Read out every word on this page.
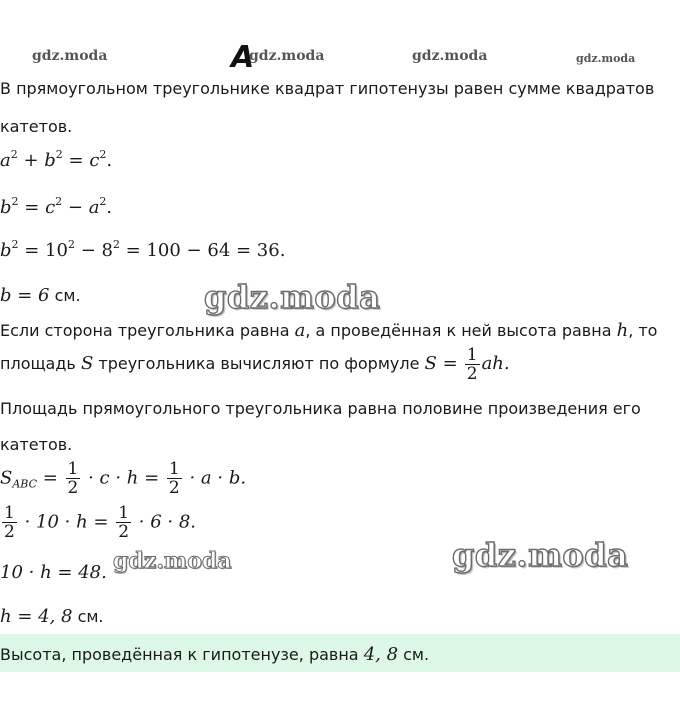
gdz.moda	A
gdz.moda	gdz.moda	gdz.moda
В прямоугольном треугольнике квадрат гипотенузы равен сумме квадратов
катетов.
$a^2 + b^2 = c^2$.
$b^2 = c^2 - a^2$.
$b^2 = 10^2 - 8^2 = 100 - 64 = 36$.
b = 6 см.	gdz.moda
Если сторона треугольника равна a, а проведённая к ней высота равна h, то
площадь S треугольника вычисляют по формуле $S = \frac{1}{2}$ ah.
Площадь прямоугольного треугольника равна половине произведения его
катетов.
$S_{ABC} = \frac{1}{2} \cdot c \cdot h = \frac{1}{2} \cdot a \cdot b$.
$\frac{1}{2} \cdot 10 \cdot h = \frac{1}{2} \cdot 6 \cdot 8$.
10 · h = 48. gdz.moda	gdz.moda
h = 4, 8 см.
Высота, проведённая к гипотенузе, равна 4, 8 см.
